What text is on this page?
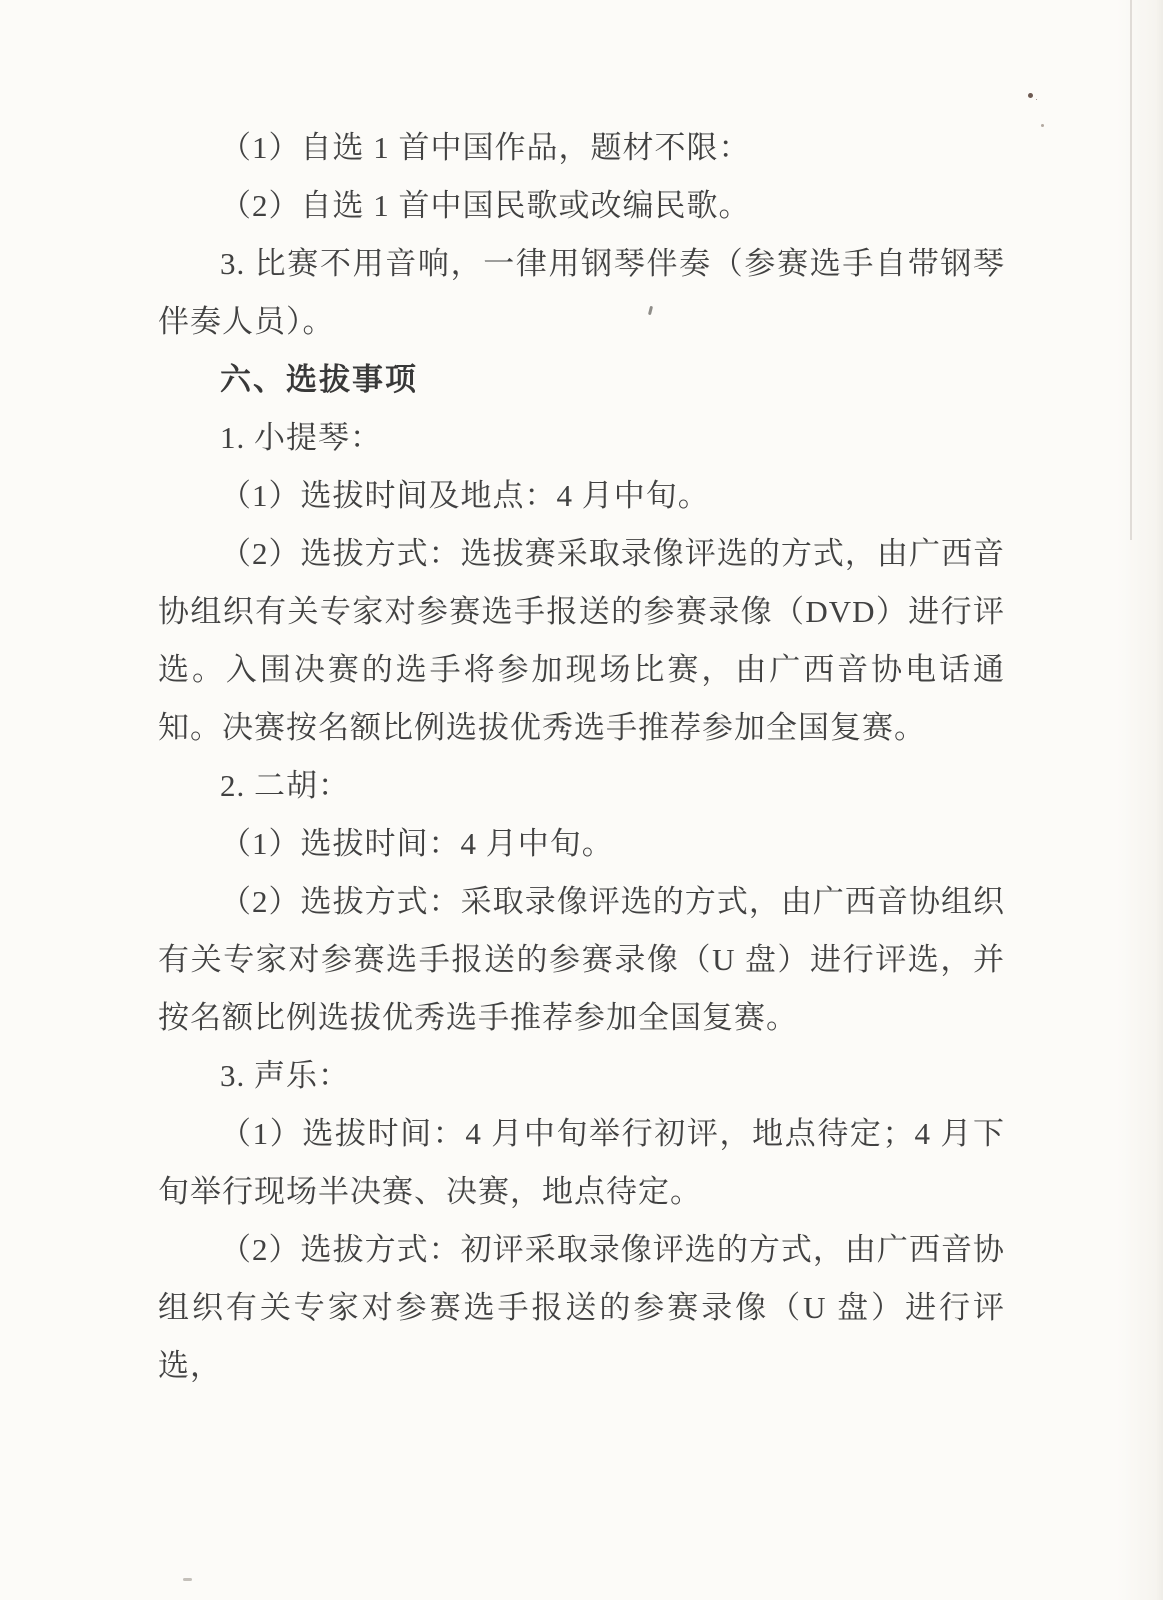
（1）自选 1 首中国作品，题材不限：

（2）自选 1 首中国民歌或改编民歌。

3. 比赛不用音响，一律用钢琴伴奏（参赛选手自带钢琴伴奏人员）。

六、选拔事项

1. 小提琴：

（1）选拔时间及地点：4 月中旬。

（2）选拔方式：选拔赛采取录像评选的方式，由广西音协组织有关专家对参赛选手报送的参赛录像（DVD）进行评选。入围决赛的选手将参加现场比赛，由广西音协电话通知。决赛按名额比例选拔优秀选手推荐参加全国复赛。

2. 二胡：

（1）选拔时间：4 月中旬。

（2）选拔方式：采取录像评选的方式，由广西音协组织有关专家对参赛选手报送的参赛录像（U 盘）进行评选，并按名额比例选拔优秀选手推荐参加全国复赛。

3. 声乐：

（1）选拔时间：4 月中旬举行初评，地点待定；4 月下旬举行现场半决赛、决赛，地点待定。

（2）选拔方式：初评采取录像评选的方式，由广西音协组织有关专家对参赛选手报送的参赛录像（U 盘）进行评选，
